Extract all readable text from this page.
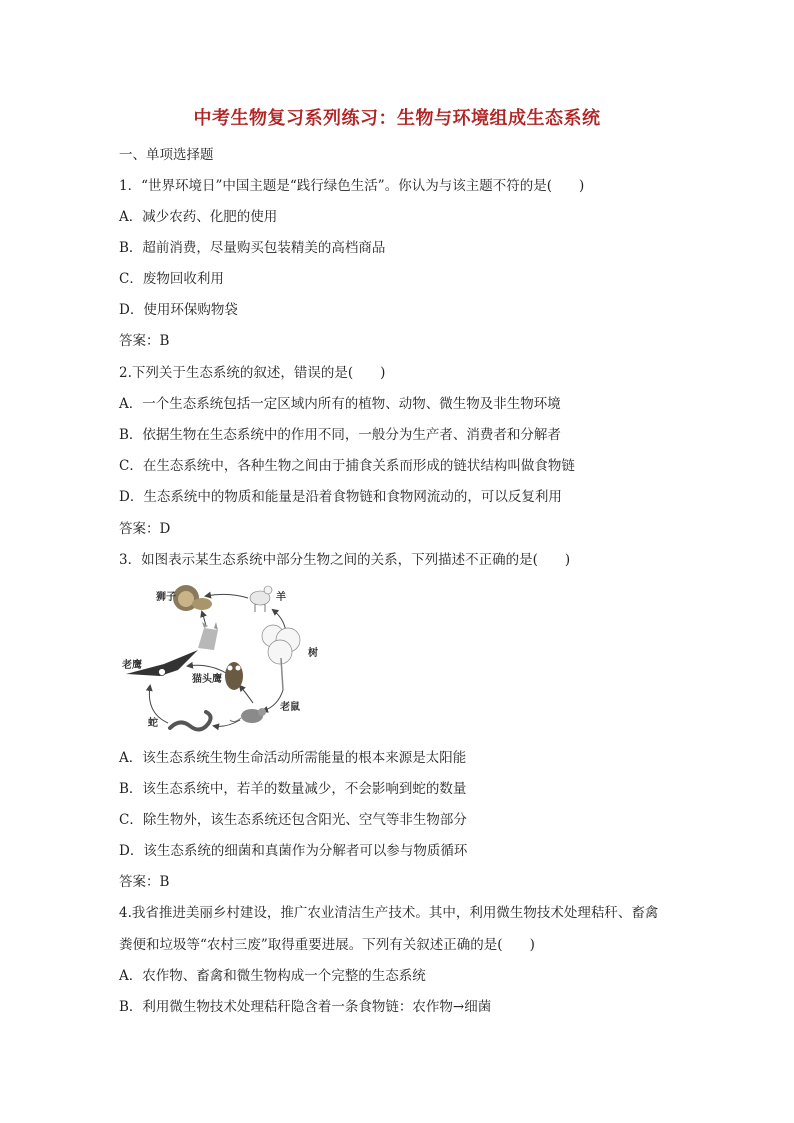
中考生物复习系列练习：生物与环境组成生态系统
一、单项选择题
1．“世界环境日”中国主题是“践行绿色生活”。你认为与该主题不符的是(　　)
A．减少农药、化肥的使用
B．超前消费，尽量购买包装精美的高档商品
C．废物回收利用
D．使用环保购物袋
答案：B
2.下列关于生态系统的叙述，错误的是(　　)
A．一个生态系统包括一定区域内所有的植物、动物、微生物及非生物环境
B．依据生物在生态系统中的作用不同，一般分为生产者、消费者和分解者
C．在生态系统中，各种生物之间由于捕食关系而形成的链状结构叫做食物链
D．生态系统中的物质和能量是沿着食物链和食物网流动的，可以反复利用
答案：D
3．如图表示某生态系统中部分生物之间的关系，下列描述不正确的是(　　)
狮子	羊
树
老鹰
猫头鹰
蛇
老鼠
A．该生态系统生物生命活动所需能量的根本来源是太阳能
B．该生态系统中，若羊的数量减少，不会影响到蛇的数量
C．除生物外，该生态系统还包含阳光、空气等非生物部分
D．该生态系统的细菌和真菌作为分解者可以参与物质循环
答案：B
4.我省推进美丽乡村建设，推广农业清洁生产技术。其中，利用微生物技术处理秸秆、畜禽
粪便和垃圾等“农村三废”取得重要进展。下列有关叙述正确的是(　　)
A．农作物、畜禽和微生物构成一个完整的生态系统
B．利用微生物技术处理秸秆隐含着一条食物链：农作物→细菌
